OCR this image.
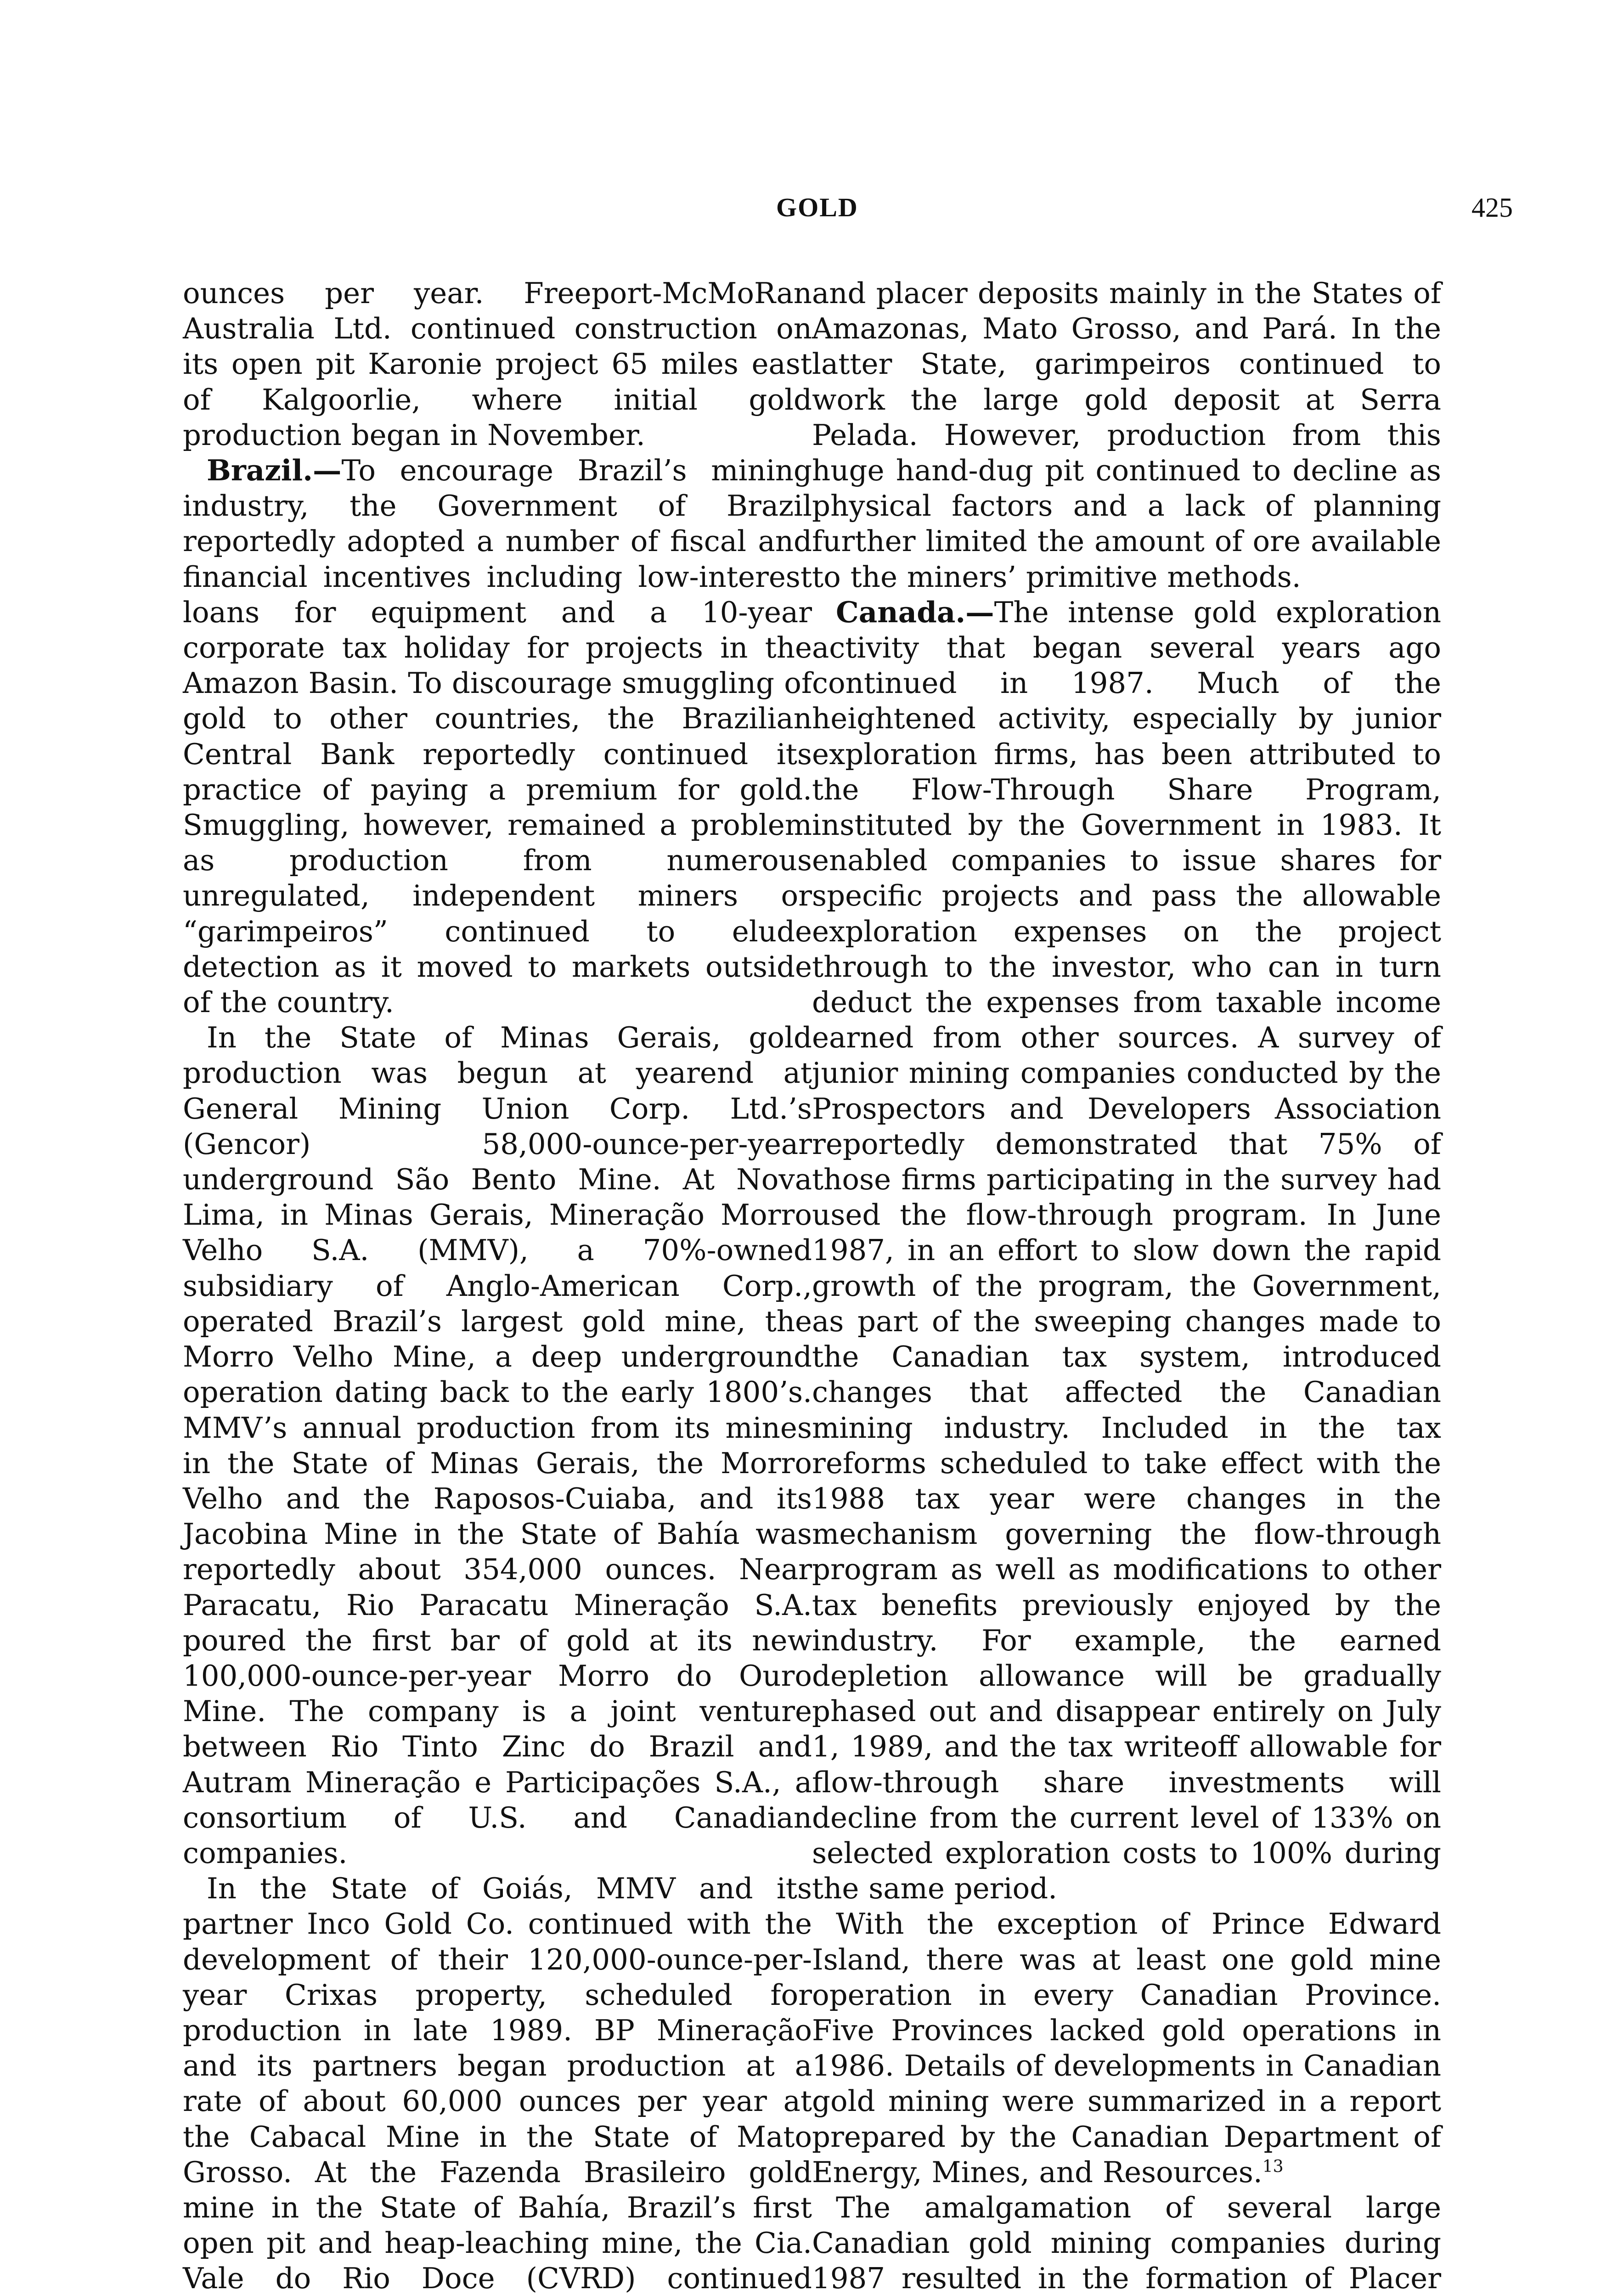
GOLD	425

ounces per year. Freeport-McMoRan Australia Ltd. continued construction on its open pit Karonie project 65 miles east of Kalgoorlie, where initial gold production began in November.

Brazil.—To encourage Brazil’s mining industry, the Government of Brazil reportedly adopted a number of fiscal and financial incentives including low-interest loans for equipment and a 10-year corporate tax holiday for projects in the Amazon Basin. To discourage smuggling of gold to other countries, the Brazilian Central Bank reportedly continued its practice of paying a premium for gold. Smuggling, however, remained a problem as production from numerous unregulated, independent miners or “garimpeiros” continued to elude detection as it moved to markets outside of the country.

In the State of Minas Gerais, gold production was begun at yearend at General Mining Union Corp. Ltd.’s (Gencor) 58,000-ounce-per-year underground São Bento Mine. At Nova Lima, in Minas Gerais, Mineração Morro Velho S.A. (MMV), a 70%-owned subsidiary of Anglo-American Corp., operated Brazil’s largest gold mine, the Morro Velho Mine, a deep underground operation dating back to the early 1800’s. MMV’s annual production from its mines in the State of Minas Gerais, the Morro Velho and the Raposos-Cuiaba, and its Jacobina Mine in the State of Bahía was reportedly about 354,000 ounces. Near Paracatu, Rio Paracatu Mineração S.A. poured the first bar of gold at its new 100,000-ounce-per-year Morro do Ouro Mine. The company is a joint venture between Rio Tinto Zinc do Brazil and Autram Mineração e Participações S.A., a consortium of U.S. and Canadian companies.

In the State of Goiás, MMV and its partner Inco Gold Co. continued with the development of their 120,000-ounce-per-year Crixas property, scheduled for production in late 1989. BP Mineração and its partners began production at a rate of about 60,000 ounces per year at the Cabacal Mine in the State of Mato Grosso. At the Fazenda Brasileiro gold mine in the State of Bahía, Brazil’s first open pit and heap-leaching mine, the Cia. Vale do Rio Doce (CVRD) continued

and placer deposits mainly in the States of Amazonas, Mato Grosso, and Pará. In the latter State, garimpeiros continued to work the large gold deposit at Serra Pelada. However, production from this huge hand-dug pit continued to decline as physical factors and a lack of planning further limited the amount of ore available to the miners’ primitive methods.

Canada.—The intense gold exploration activity that began several years ago continued in 1987. Much of the heightened activity, especially by junior exploration firms, has been attributed to the Flow-Through Share Program, instituted by the Government in 1983. It enabled companies to issue shares for specific projects and pass the allowable exploration expenses on the project through to the investor, who can in turn deduct the expenses from taxable income earned from other sources. A survey of junior mining companies conducted by the Prospectors and Developers Association reportedly demonstrated that 75% of those firms participating in the survey had used the flow-through program. In June 1987, in an effort to slow down the rapid growth of the program, the Government, as part of the sweeping changes made to the Canadian tax system, introduced changes that affected the Canadian mining industry. Included in the tax reforms scheduled to take effect with the 1988 tax year were changes in the mechanism governing the flow-through program as well as modifications to other tax benefits previously enjoyed by the industry. For example, the earned depletion allowance will be gradually phased out and disappear entirely on July 1, 1989, and the tax writeoff allowable for flow-through share investments will decline from the current level of 133% on selected exploration costs to 100% during the same period.

With the exception of Prince Edward Island, there was at least one gold mine operation in every Canadian Province. Five Provinces lacked gold operations in 1986. Details of developments in Canadian gold mining were summarized in a report prepared by the Canadian Department of Energy, Mines, and Resources.$^{13}$

The amalgamation of several large Canadian gold mining companies during 1987 resulted in the formation of Placer
